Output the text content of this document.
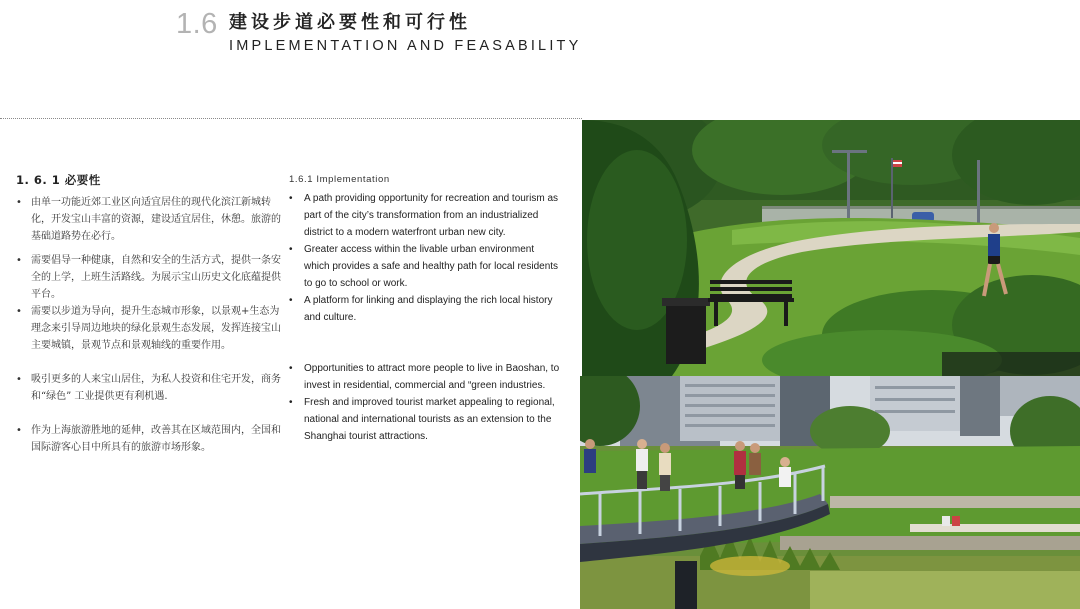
1.6 建设步道必要性和可行性
IMPLEMENTATION AND FEASABILITY
1. 6. 1 必要性
• 由单一功能近郊工业区向适宜居住的现代化滨江新城转化，开发宝山丰富的资源，建设适宜居住，休憩。旅游的基础道路势在必行。
• 需要倡导一种健康，自然和安全的生活方式，提供一条安全的上学，上班生活路线。为展示宝山历史文化底蕴提供平台。
• 需要以步道为导向，提升生态城市形象，以景观+生态为理念来引导周边地块的绿化景观生态发展，发挥连接宝山主要城镇，景观节点和景观轴线的重要作用。
• 吸引更多的人来宝山居住，为私人投资和住宅开发，商务和“绿色” 工业提供更有利机遇.
• 作为上海旅游胜地的延伸，改善其在区域范围内，全国和国际游客心目中所具有的旅游市场形象。
1.6.1 Implementation
• A path providing opportunity for recreation and tourism as part of the city’s transformation from an industrialized district to a modern waterfront urban new city.
• Greater access within the livable urban environment which provides a safe and healthy path for local residents to go to school or work.
• A platform for linking and displaying the rich local history and culture.
• Opportunities to attract more people to live in Baoshan, to invest in residential, commercial and “green industries.
• Fresh and improved tourist market appealing to regional, national and international tourists as an extension to the Shanghai tourist attractions.
